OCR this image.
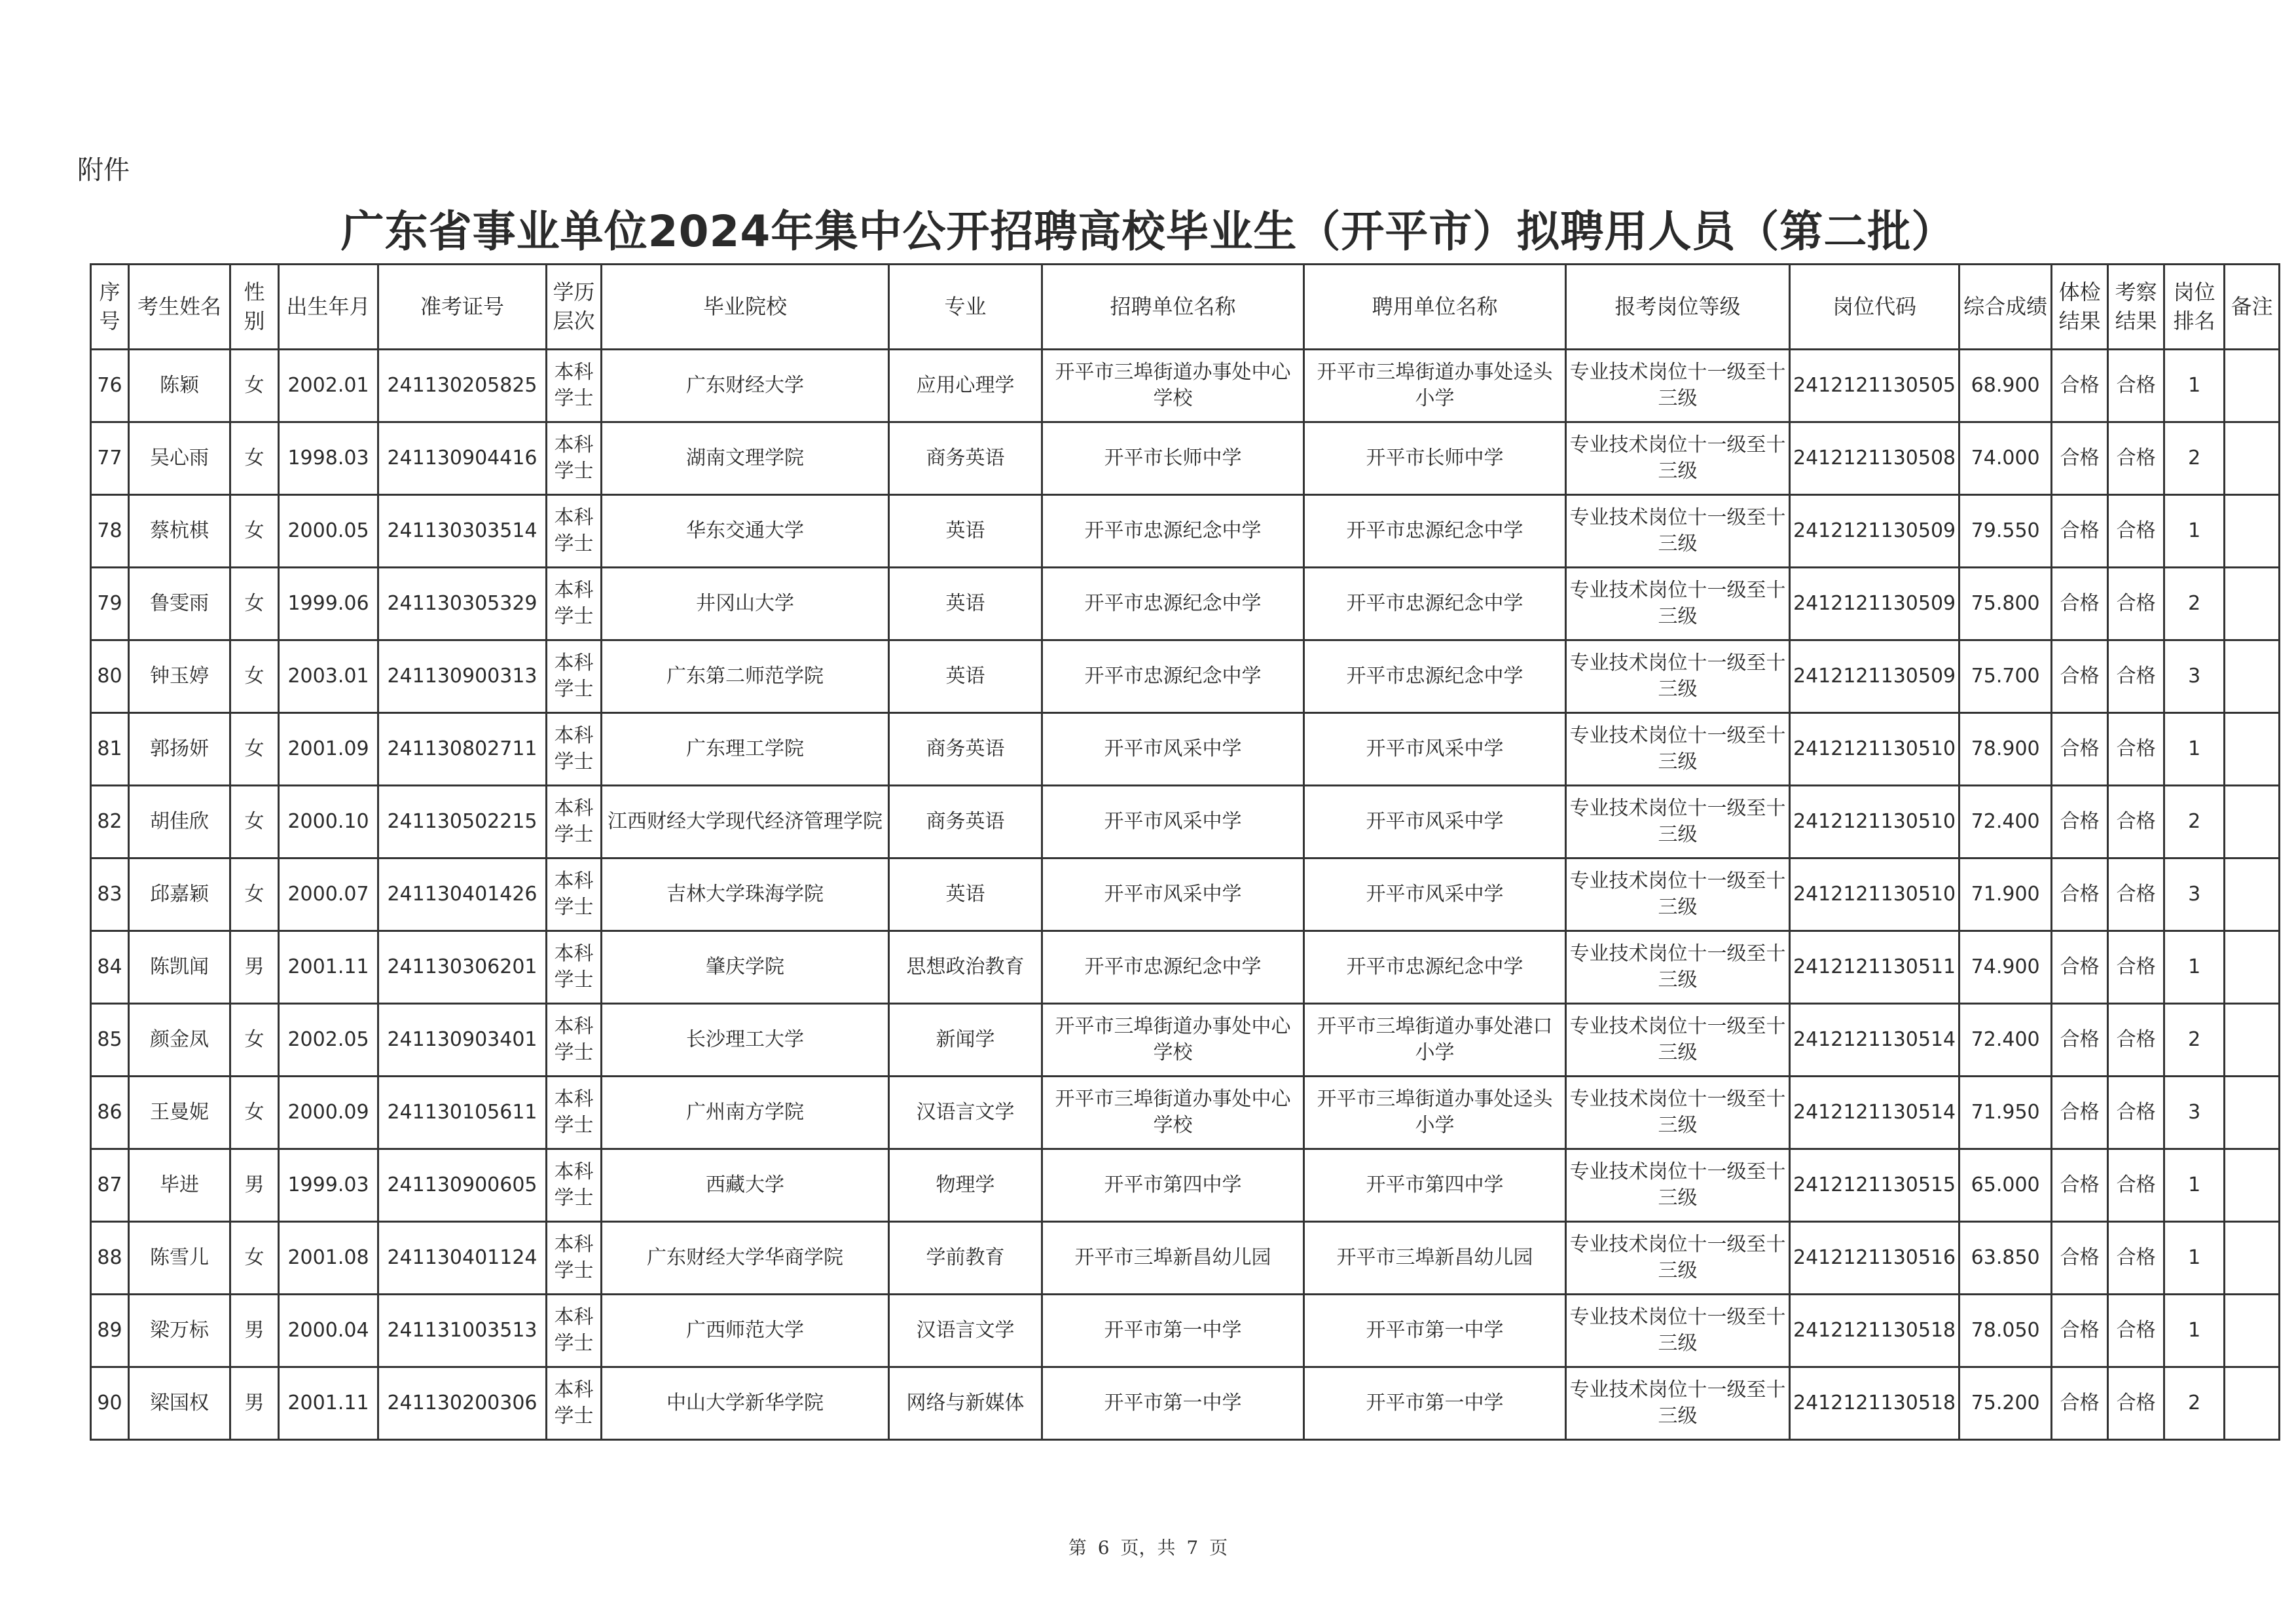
附件
广东省事业单位2024年集中公开招聘高校毕业生（开平市）拟聘用人员（第二批）
序号	考生姓名	性别	出生年月	准考证号	学历层次	毕业院校	专业	招聘单位名称	聘用单位名称	报考岗位等级	岗位代码	综合成绩	体检结果	考察结果	岗位排名	备注
76	陈颖	女	2002.01	241130205825	本科学士	广东财经大学	应用心理学	开平市三埠街道办事处中心学校	开平市三埠街道办事处迳头小学	专业技术岗位十一级至十三级	2412121130505	68.900	合格	合格	1	
77	吴心雨	女	1998.03	241130904416	本科学士	湖南文理学院	商务英语	开平市长师中学	开平市长师中学	专业技术岗位十一级至十三级	2412121130508	74.000	合格	合格	2	
78	蔡杭棋	女	2000.05	241130303514	本科学士	华东交通大学	英语	开平市忠源纪念中学	开平市忠源纪念中学	专业技术岗位十一级至十三级	2412121130509	79.550	合格	合格	1	
79	鲁雯雨	女	1999.06	241130305329	本科学士	井冈山大学	英语	开平市忠源纪念中学	开平市忠源纪念中学	专业技术岗位十一级至十三级	2412121130509	75.800	合格	合格	2	
80	钟玉婷	女	2003.01	241130900313	本科学士	广东第二师范学院	英语	开平市忠源纪念中学	开平市忠源纪念中学	专业技术岗位十一级至十三级	2412121130509	75.700	合格	合格	3	
81	郭扬妍	女	2001.09	241130802711	本科学士	广东理工学院	商务英语	开平市风采中学	开平市风采中学	专业技术岗位十一级至十三级	2412121130510	78.900	合格	合格	1	
82	胡佳欣	女	2000.10	241130502215	本科学士	江西财经大学现代经济管理学院	商务英语	开平市风采中学	开平市风采中学	专业技术岗位十一级至十三级	2412121130510	72.400	合格	合格	2	
83	邱嘉颖	女	2000.07	241130401426	本科学士	吉林大学珠海学院	英语	开平市风采中学	开平市风采中学	专业技术岗位十一级至十三级	2412121130510	71.900	合格	合格	3	
84	陈凯闻	男	2001.11	241130306201	本科学士	肇庆学院	思想政治教育	开平市忠源纪念中学	开平市忠源纪念中学	专业技术岗位十一级至十三级	2412121130511	74.900	合格	合格	1	
85	颜金凤	女	2002.05	241130903401	本科学士	长沙理工大学	新闻学	开平市三埠街道办事处中心学校	开平市三埠街道办事处港口小学	专业技术岗位十一级至十三级	2412121130514	72.400	合格	合格	2	
86	王曼妮	女	2000.09	241130105611	本科学士	广州南方学院	汉语言文学	开平市三埠街道办事处中心学校	开平市三埠街道办事处迳头小学	专业技术岗位十一级至十三级	2412121130514	71.950	合格	合格	3	
87	毕进	男	1999.03	241130900605	本科学士	西藏大学	物理学	开平市第四中学	开平市第四中学	专业技术岗位十一级至十三级	2412121130515	65.000	合格	合格	1	
88	陈雪儿	女	2001.08	241130401124	本科学士	广东财经大学华商学院	学前教育	开平市三埠新昌幼儿园	开平市三埠新昌幼儿园	专业技术岗位十一级至十三级	2412121130516	63.850	合格	合格	1	
89	梁万标	男	2000.04	241131003513	本科学士	广西师范大学	汉语言文学	开平市第一中学	开平市第一中学	专业技术岗位十一级至十三级	2412121130518	78.050	合格	合格	1	
90	梁国权	男	2001.11	241130200306	本科学士	中山大学新华学院	网络与新媒体	开平市第一中学	开平市第一中学	专业技术岗位十一级至十三级	2412121130518	75.200	合格	合格	2	
第 6 页，共 7 页
